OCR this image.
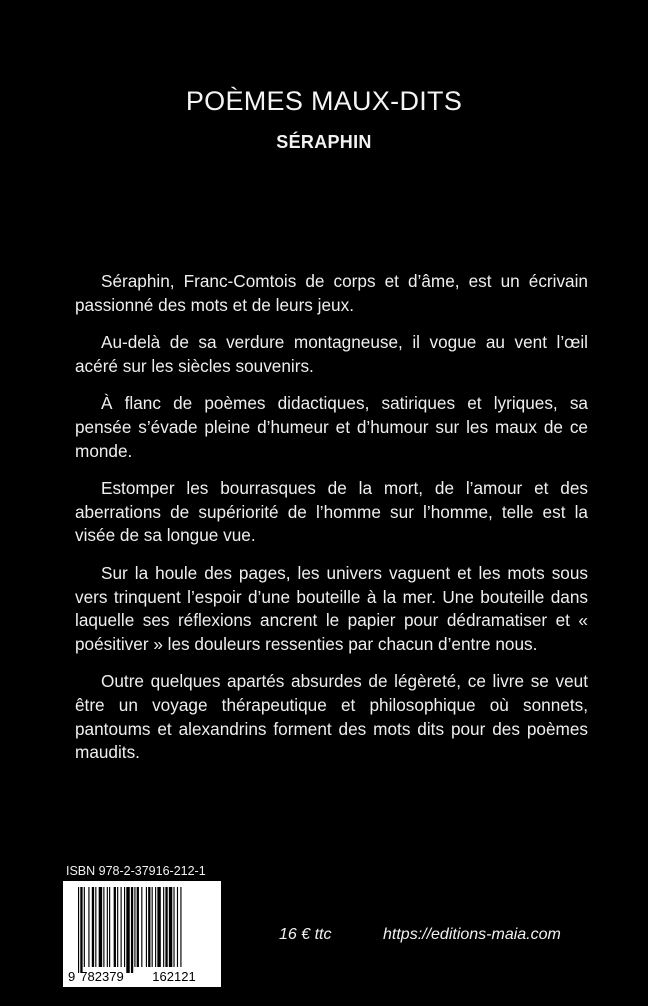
POÈMES MAUX-DITS
SÉRAPHIN

Séraphin, Franc-Comtois de corps et d’âme, est un écrivain passionné des mots et de leurs jeux.

Au-delà de sa verdure montagneuse, il vogue au vent l’œil acéré sur les siècles souvenirs.

À flanc de poèmes didactiques, satiriques et lyriques, sa pensée s’évade pleine d’humeur et d’humour sur les maux de ce monde.

Estomper les bourrasques de la mort, de l’amour et des aberrations de supériorité de l’homme sur l’homme, telle est la visée de sa longue vue.

Sur la houle des pages, les univers vaguent et les mots sous vers trinquent l’espoir d’une bouteille à la mer. Une bouteille dans laquelle ses réflexions ancrent le papier pour dédramatiser et « poésitiver » les douleurs ressenties par chacun d’entre nous.

Outre quelques apartés absurdes de légèreté, ce livre se veut être un voyage thérapeutique et philosophique où sonnets, pantoums et alexandrins forment des mots dits pour des poèmes maudits.

ISBN 978-2-37916-212-1
9 782379 162121
16 € ttc	https://editions-maia.com
